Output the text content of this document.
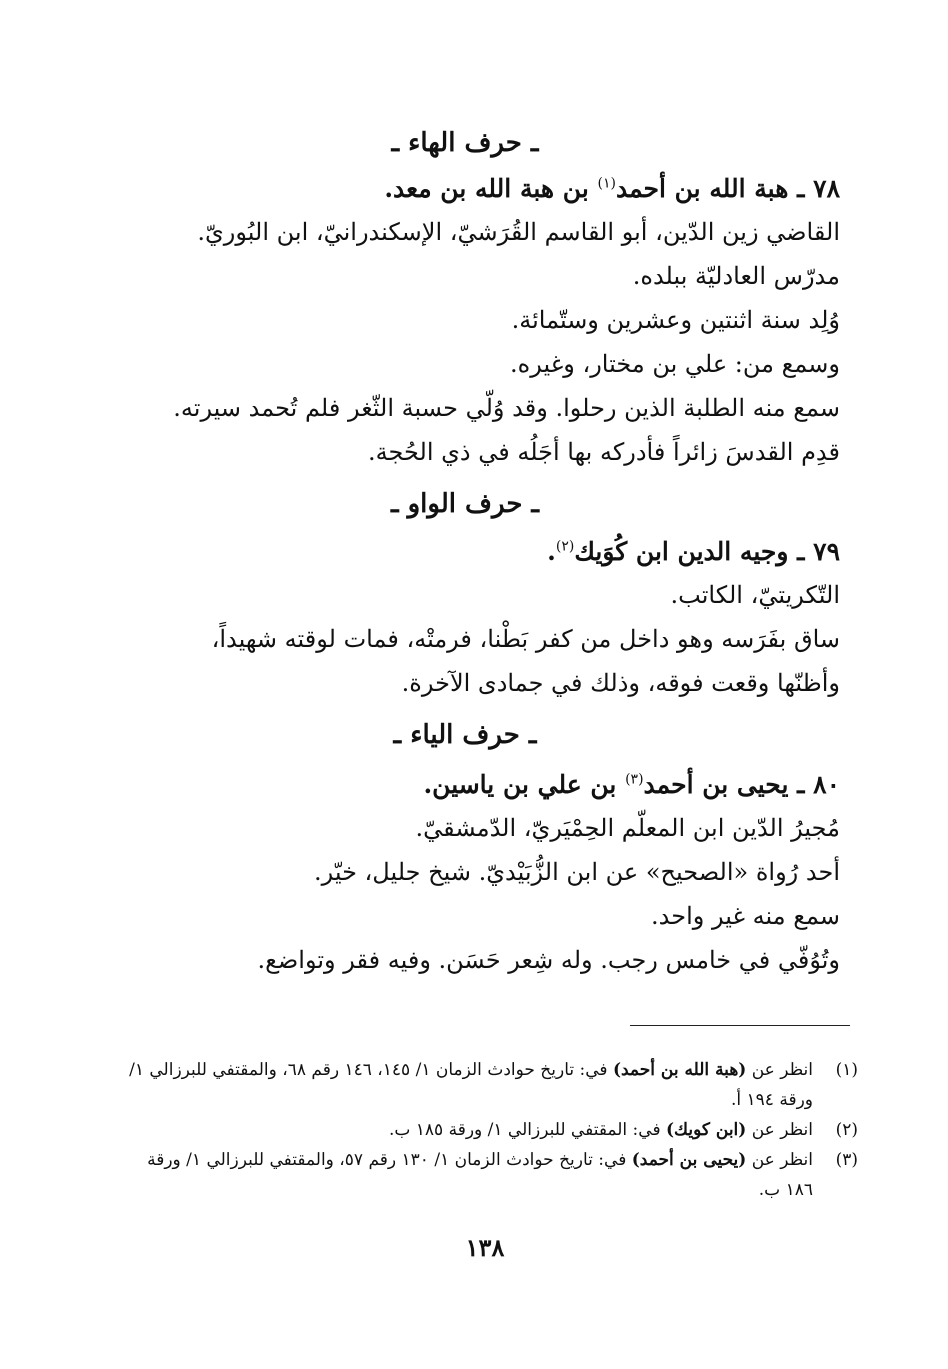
ـ حرف الهاء ـ

٧٨ ـ هبة الله بن أحمد$^{(١)}$ بن هبة الله بن معد.

القاضي زين الدّين، أبو القاسم القُرَشيّ، الإسكندرانيّ، ابن البُوريّ.

مدرّس العادليّة ببلده.

وُلِد سنة اثنتين وعشرين وستّمائة.

وسمع من: علي بن مختار، وغيره.

سمع منه الطلبة الذين رحلوا. وقد وُلّي حسبة الثّغر فلم تُحمد سيرته.

قدِم القدسَ زائراً فأدركه بها أجَلُه في ذي الحُجة.

ـ حرف الواو ـ

٧٩ ـ وجيه الدين ابن كُوَيك$^{(٢)}$.

التّكريتيّ، الكاتب.

ساق بفَرَسه وهو داخل من كفر بَطْنا، فرمتْه، فمات لوقته شهيداً،

وأظنّها وقعت فوقه، وذلك في جمادى الآخرة.

ـ حرف الياء ـ

٨٠ ـ يحيى بن أحمد$^{(٣)}$ بن علي بن ياسين.

مُجيرُ الدّين ابن المعلّم الحِمْيَريّ، الدّمشقيّ.

أحد رُواة «الصحيح» عن ابن الزُّبَيْديّ. شيخ جليل، خيّر.

سمع منه غير واحد.

وتُوُفّي في خامس رجب. وله شِعر حَسَن. وفيه فقر وتواضع.

(١)
انظر عن (هبة الله بن أحمد) في: تاريخ حوادث الزمان ١/ ١٤٥، ١٤٦ رقم ٦٨، والمقتفي للبرزالي ١/ورقة ١٩٤ أ.
(٢)
انظر عن (ابن كويك) في: المقتفي للبرزالي ١/ ورقة ١٨٥ ب.
(٣)
انظر عن (يحيى بن أحمد) في: تاريخ حوادث الزمان ١/ ١٣٠ رقم ٥٧، والمقتفي للبرزالي ١/ ورقة ١٨٦ ب.
١٣٨
